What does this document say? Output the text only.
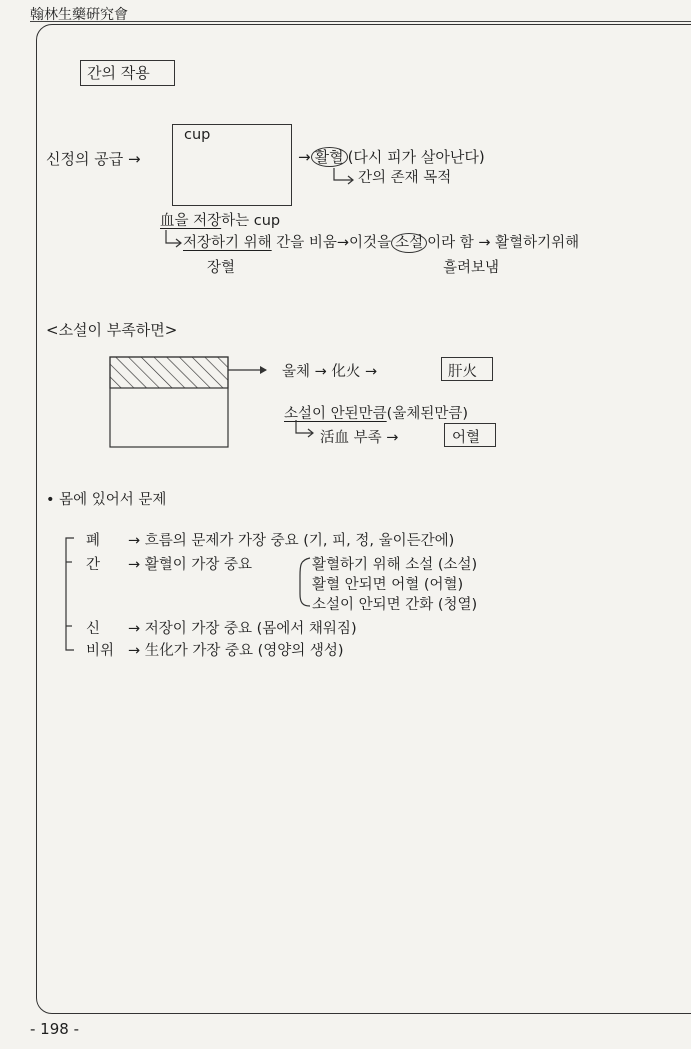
翰林生藥硏究會
간의 작용
신정의 공급 →
cup
→ 활혈 (다시 피가 살아난다)
간의 존재 목적
血을 저장하는 cup
저장하기 위해 간을 비움→이것을 소설 이라 함 → 활혈하기위해
장혈	흘려보냄
<소설이 부족하면>
울체 → 化火 →	肝火
소설이 안된만큼(울체된만큼)
活血 부족 →	어혈
• 몸에 있어서 문제
폐 → 흐름의 문제가 가장 중요 (기, 피, 정, 울이든간에)
간 → 활혈이 가장 중요	활혈하기 위해 소설 (소설)
활혈 안되면 어혈 (어혈)
소설이 안되면 간화 (청열)
신 → 저장이 가장 중요 (몸에서 채워짐)
비위 → 生化가 가장 중요 (영양의 생성)
- 198 -
